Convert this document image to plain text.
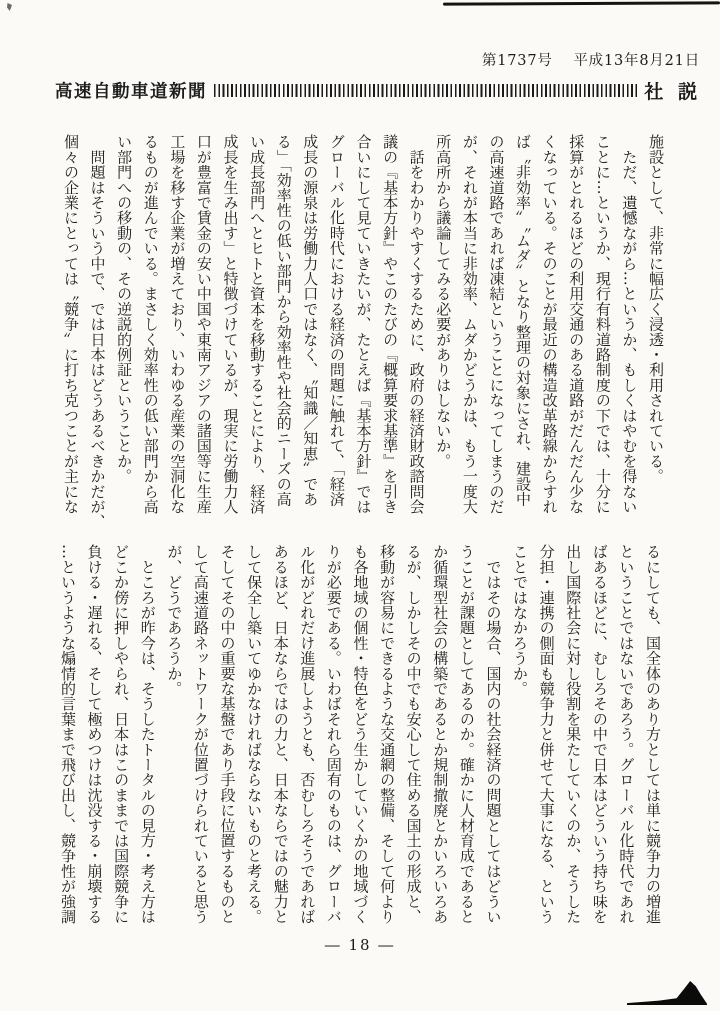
第1737号　 平成13年8月21日
高速自動車道新聞	社 説
施設として、非常に幅広く浸透・利用されている。
　ただ、遺憾ながら…というか、もしくはやむを得ない
ことに…というか、現行有料道路制度の下では、十分に
採算がとれるほどの利用交通のある道路がだんだん少な
くなっている。そのことが最近の構造改革路線からすれ
ば〝非効率〟〝ムダ〟となり整理の対象にされ、建設中
の高速道路であれば凍結ということになってしまうのだ
が、それが本当に非効率、ムダかどうかは、もう一度大
所高所から議論してみる必要がありはしないか。
　話をわかりやすくするために、政府の経済財政諮問会
議の『基本方針』やこのたびの『概算要求基準』を引き
合いにして見ていきたいが、たとえば『基本方針』では
グローバル化時代における経済の問題に触れて、「経済
成長の源泉は労働力人口ではなく、〝知識／知恵〟であ
る」「効率性の低い部門から効率性や社会的ニーズの高
い成長部門へとヒトと資本を移動することにより、経済
成長を生み出す」と特徴づけているが、現実に労働力人
口が豊富で賃金の安い中国や東南アジアの諸国等に生産
工場を移す企業が増えており、いわゆる産業の空洞化な
るものが進んでいる。まさしく効率性の低い部門から高
い部門への移動の、その逆説的例証ということか。
　問題はそういう中で、では日本はどうあるべきかだが、
個々の企業にとっては〝競争〟に打ち克つことが主にな
るにしても、国全体のあり方としては単に競争力の増進
ということではないであろう。グローバル化時代であれ
ばあるほどに、むしろその中で日本はどういう持ち味を
出し国際社会に対し役割を果たしていくのか、そうした
分担・連携の側面も競争力と併せて大事になる、という
ことではなかろうか。
　ではその場合、国内の社会経済の問題としてはどうい
うことが課題としてあるのか。確かに人材育成であると
か循環型社会の構築であるとか規制撤廃とかいろいろあ
るが、しかしその中でも安心して住める国土の形成と、
移動が容易にできるような交通網の整備、そして何より
も各地域の個性・特色をどう生かしていくかの地域づく
りが必要である。いわばそれら固有のものは、グローバ
ル化がどれだけ進展しようとも、否むしろそうであれば
あるほど、日本ならではの力と、日本ならではの魅力と
して保全し築いてゆかなければならないものと考える。
そしてその中の重要な基盤であり手段に位置するものと
して高速道路ネットワークが位置づけられていると思う
が、どうであろうか。
　ところが昨今は、そうしたトータルの見方・考え方は
どこか傍に押しやられ、日本はこのままでは国際競争に
負ける・遅れる、そして極めつけは沈没する・崩壊する
…というような煽情的言葉まで飛び出し、競争性が強調
― 18 ―
